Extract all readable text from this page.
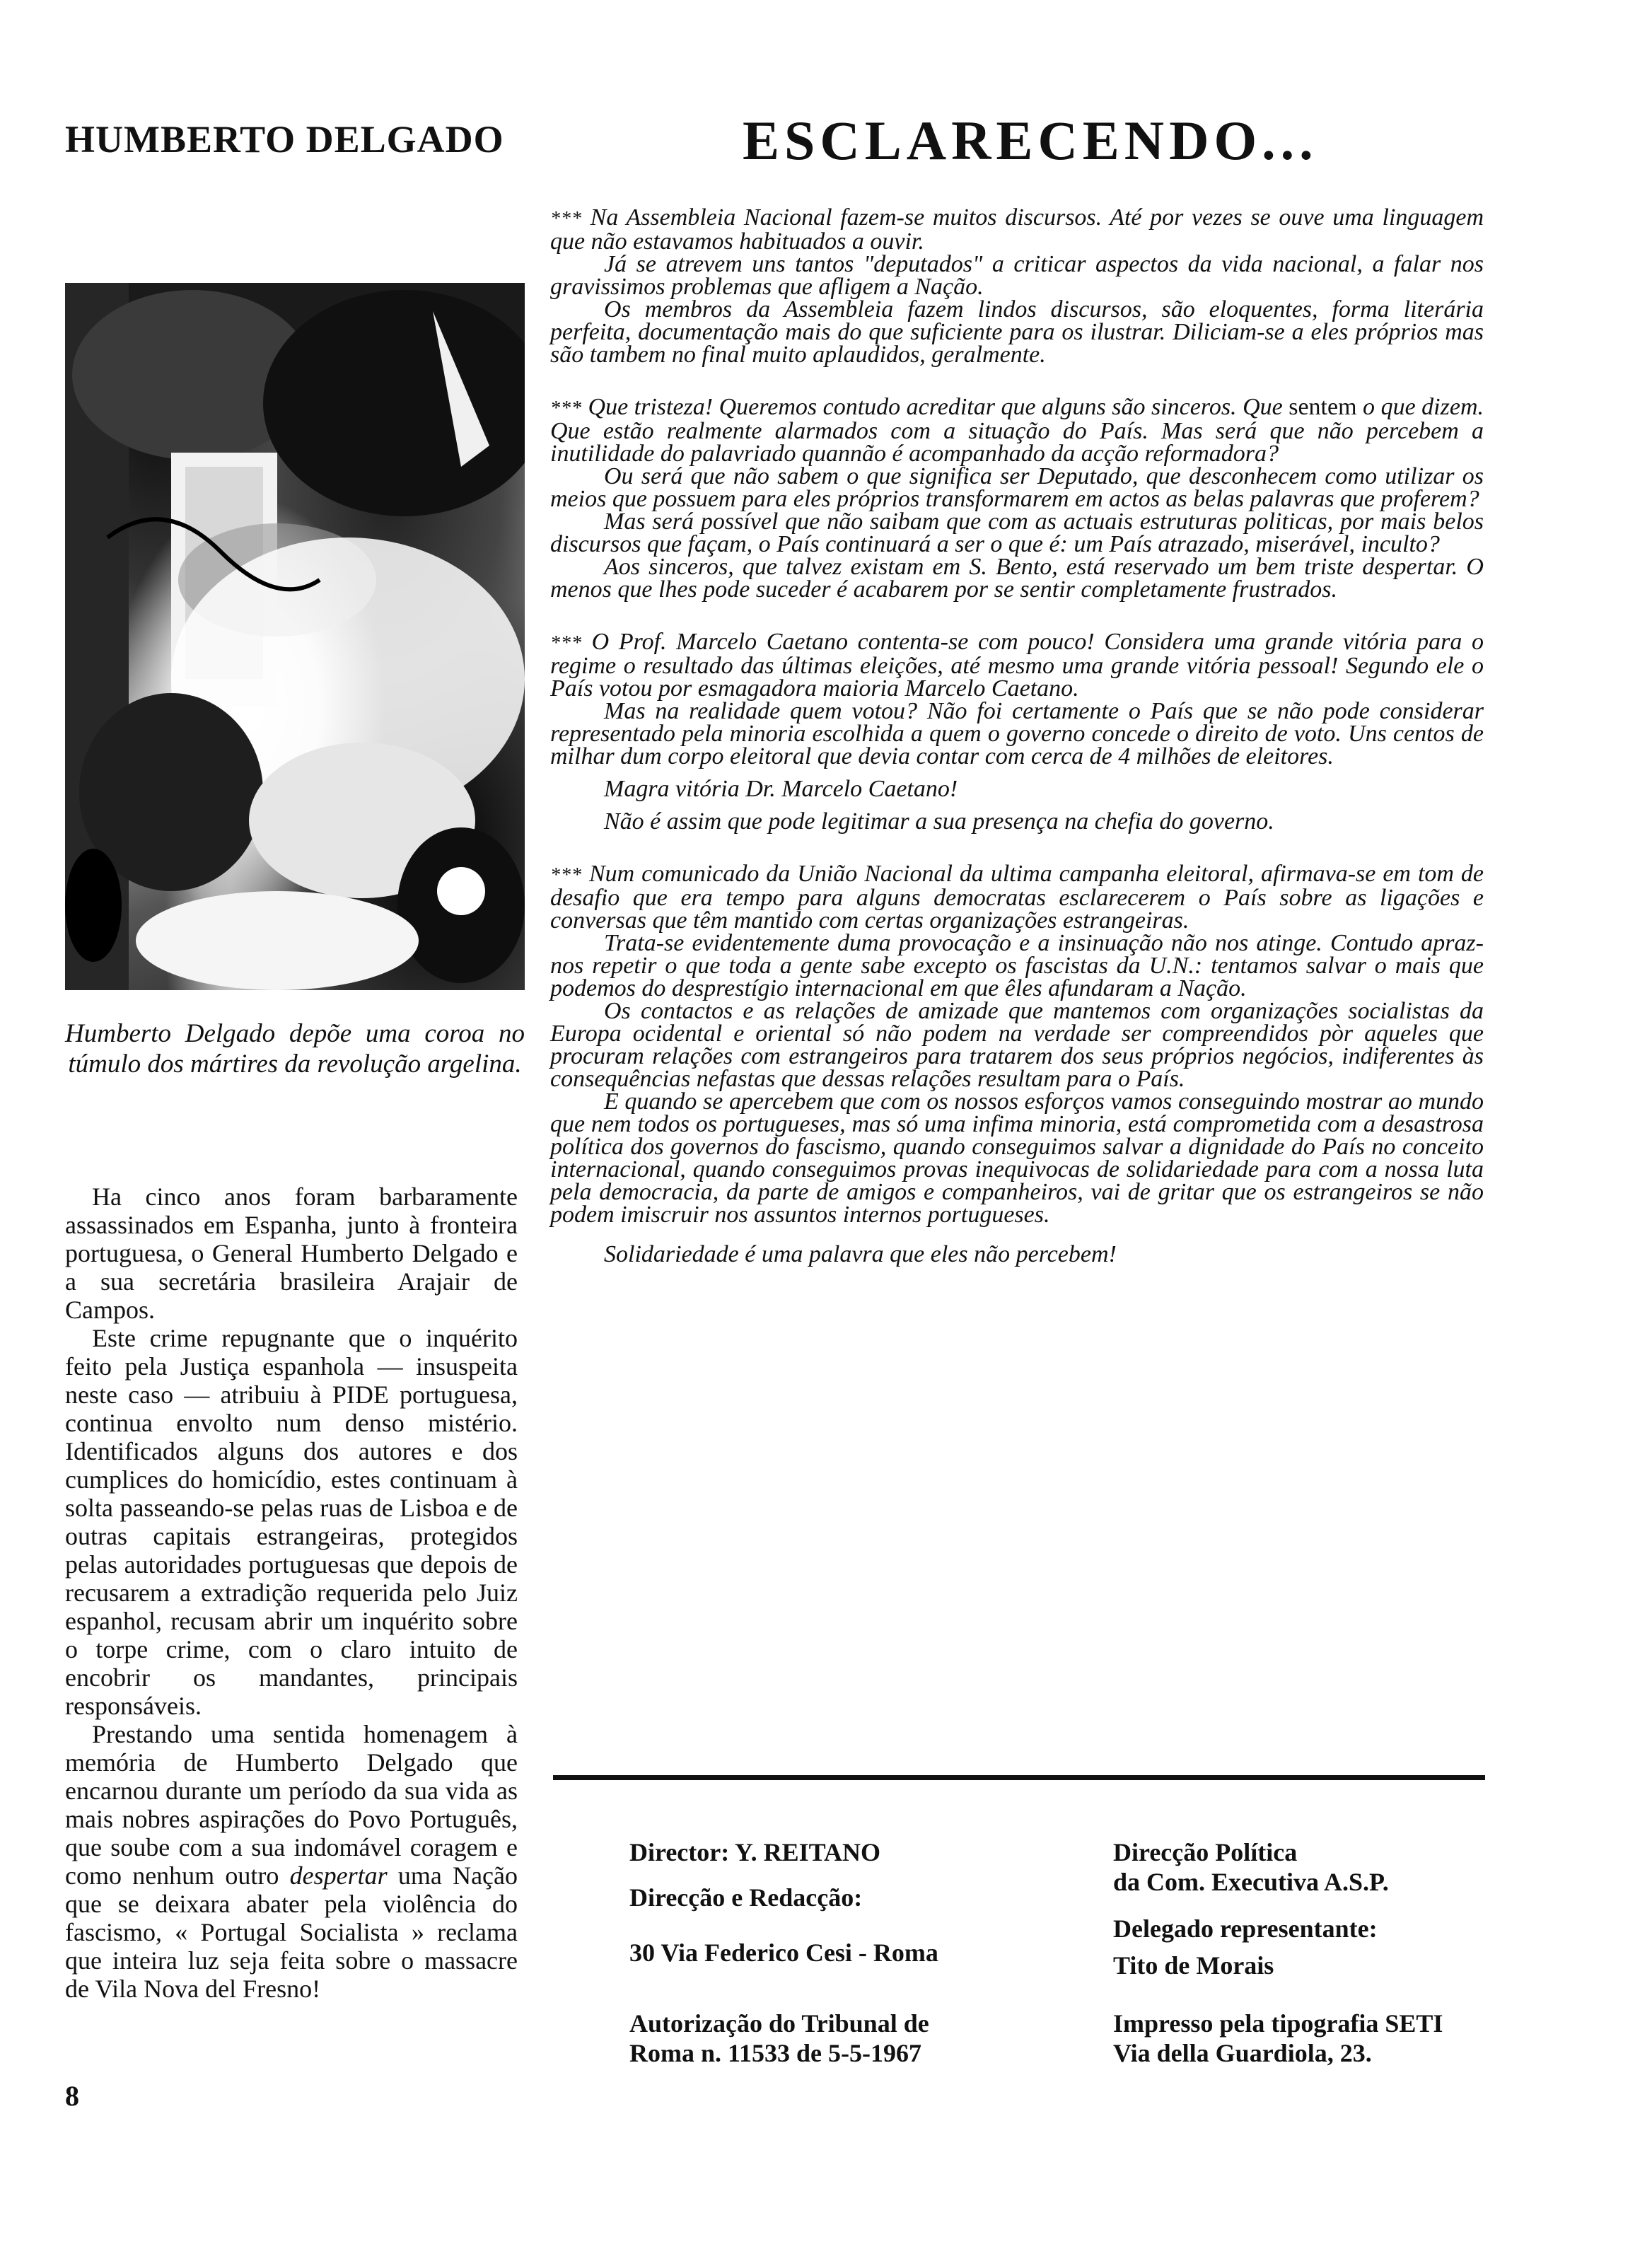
HUMBERTO DELGADO
Humberto Delgado depõe uma coroa no túmulo dos mártires da revolução argelina.

Ha cinco anos foram barbaramente assassinados em Espanha, junto à fronteira portuguesa, o General Humberto Delgado e a sua secretária brasileira Arajair de Campos.

Este crime repugnante que o inquérito feito pela Justiça espanhola — insuspeita neste caso — atribuiu à PIDE portuguesa, continua envolto num denso mistério. Identificados alguns dos autores e dos cumplices do homicídio, estes continuam à solta passeando-se pelas ruas de Lisboa e de outras capitais estrangeiras, protegidos pelas autoridades portuguesas que depois de recusarem a extradição requerida pelo Juiz espanhol, recusam abrir um inquérito sobre o torpe crime, com o claro intuito de encobrir os mandantes, principais responsáveis.

Prestando uma sentida homenagem à memória de Humberto Delgado que encarnou durante um período da sua vida as mais nobres aspirações do Povo Português, que soube com a sua indomável coragem e como nenhum outro despertar uma Nação que se deixara abater pela violência do fascismo, « Portugal Socialista » reclama que inteira luz seja feita sobre o massacre de Vila Nova del Fresno!

8
ESCLARECENDO...

*** Na Assembleia Nacional fazem-se muitos discursos. Até por vezes se ouve uma linguagem que não estavamos habituados a ouvir.

Já se atrevem uns tantos "deputados" a criticar aspectos da vida nacional, a falar nos gravissimos problemas que afligem a Nação.

Os membros da Assembleia fazem lindos discursos, são eloquentes, forma literária perfeita, documentação mais do que suficiente para os ilustrar. Diliciam-se a eles próprios mas são tambem no final muito aplaudidos, geralmente.

*** Que tristeza! Queremos contudo acreditar que alguns são sinceros. Que sentem o que dizem. Que estão realmente alarmados com a situação do País. Mas será que não percebem a inutilidade do palavriado quannão é acompanhado da acção reformadora?

Ou será que não sabem o que significa ser Deputado, que desconhecem como utilizar os meios que possuem para eles próprios transformarem em actos as belas palavras que proferem?

Mas será possível que não saibam que com as actuais estruturas politicas, por mais belos discursos que façam, o País continuará a ser o que é: um País atrazado, miserável, inculto?

Aos sinceros, que talvez existam em S. Bento, está reservado um bem triste despertar. O menos que lhes pode suceder é acabarem por se sentir completamente frustrados.

*** O Prof. Marcelo Caetano contenta-se com pouco! Considera uma grande vitória para o regime o resultado das últimas eleições, até mesmo uma grande vitória pessoal! Segundo ele o País votou por esmagadora maioria Marcelo Caetano.

Mas na realidade quem votou? Não foi certamente o País que se não pode considerar representado pela minoria escolhida a quem o governo concede o direito de voto. Uns centos de milhar dum corpo eleitoral que devia contar com cerca de 4 milhões de eleitores.

Magra vitória Dr. Marcelo Caetano!

Não é assim que pode legitimar a sua presença na chefia do governo.

*** Num comunicado da União Nacional da ultima campanha eleitoral, afirmava-se em tom de desafio que era tempo para alguns democratas esclarecerem o País sobre as ligações e conversas que têm mantido com certas organizações estrangeiras.

Trata-se evidentemente duma provocação e a insinuação não nos atinge. Contudo apraz-nos repetir o que toda a gente sabe excepto os fascistas da U.N.: tentamos salvar o mais que podemos do desprestígio internacional em que êles afundaram a Nação.

Os contactos e as relações de amizade que mantemos com organizações socialistas da Europa ocidental e oriental só não podem na verdade ser compreendidos pòr aqueles que procuram relações com estrangeiros para tratarem dos seus próprios negócios, indiferentes às consequências nefastas que dessas relações resultam para o País.

E quando se apercebem que com os nossos esforços vamos conseguindo mostrar ao mundo que nem todos os portugueses, mas só uma infima minoria, está comprometida com a desastrosa política dos governos do fascismo, quando conseguimos salvar a dignidade do País no conceito internacional, quando conseguimos provas inequivocas de solidariedade para com a nossa luta pela democracia, da parte de amigos e companheiros, vai de gritar que os estrangeiros se não podem imiscruir nos assuntos internos portugueses.

Solidariedade é uma palavra que eles não percebem!

Director: Y. REITANO
Direcção e Redacção:
30 Via Federico Cesi - Roma
Autorização do Tribunal de
Roma n. 11533 de 5-5-1967
Direcção Política
da Com. Executiva A.S.P.
Delegado representante:
Tito de Morais
Impresso pela tipografia SETI
Via della Guardiola, 23.
